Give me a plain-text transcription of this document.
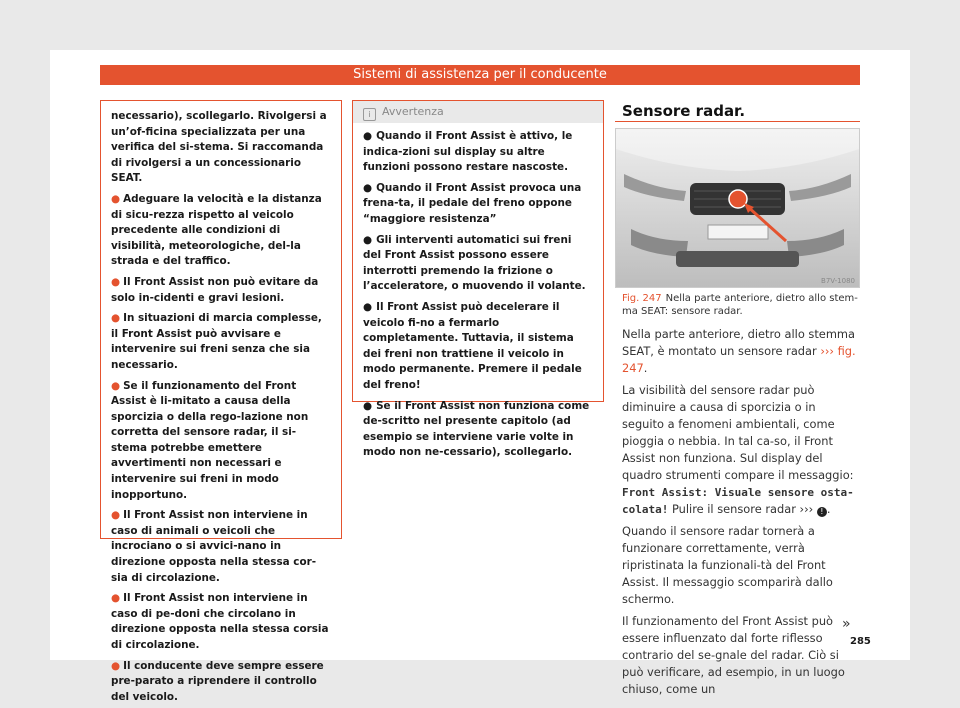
Sistemi di assistenza per il conducente

necessario), scollegarlo. Rivolgersi a un’of-ficina specializzata per una verifica del si-stema. Si raccomanda di rivolgersi a un concessionario SEAT.

● Adeguare la velocità e la distanza di sicu-rezza rispetto al veicolo precedente alle condizioni di visibilità, meteorologiche, del-la strada e del traffico.

● Il Front Assist non può evitare da solo in-cidenti e gravi lesioni.

● In situazioni di marcia complesse, il Front Assist può avvisare e intervenire sui freni senza che sia necessario.

● Se il funzionamento del Front Assist è li-mitato a causa della sporcizia o della rego-lazione non corretta del sensore radar, il si-stema potrebbe emettere avvertimenti non necessari e intervenire sui freni in modo inopportuno.

● Il Front Assist non interviene in caso di animali o veicoli che incrociano o si avvici-nano in direzione opposta nella stessa cor-sia di circolazione.

● Il Front Assist non interviene in caso di pe-doni che circolano in direzione opposta nella stessa corsia di circolazione.

● Il conducente deve sempre essere pre-parato a riprendere il controllo del veicolo.

i Avvertenza

● Quando il Front Assist è attivo, le indica-zioni sul display su altre funzioni possono restare nascoste.

● Quando il Front Assist provoca una frena-ta, il pedale del freno oppone “maggiore resistenza”

● Gli interventi automatici sui freni del Front Assist possono essere interrotti premendo la frizione o l’acceleratore, o muovendo il volante.

● Il Front Assist può decelerare il veicolo fi-no a fermarlo completamente. Tuttavia, il sistema dei freni non trattiene il veicolo in modo permanente. Premere il pedale del freno!

● Se il Front Assist non funziona come de-scritto nel presente capitolo (ad esempio se interviene varie volte in modo non ne-cessario), scollegarlo.

Sensore radar.
B7V-1080
Fig. 247 Nella parte anteriore, dietro allo stem-ma SEAT: sensore radar.

Nella parte anteriore, dietro allo stemma SEAT, è montato un sensore radar ››› fig. 247.

La visibilità del sensore radar può diminuire a causa di sporcizia o in seguito a fenomeni ambientali, come pioggia o nebbia. In tal ca-so, il Front Assist non funziona. Sul display del quadro strumenti compare il messaggio: Front Assist: Visuale sensore osta-colata! Pulire il sensore radar ››› ! .

Quando il sensore radar tornerà a funzionare correttamente, verrà ripristinata la funzionali-tà del Front Assist. Il messaggio scomparirà dallo schermo.

Il funzionamento del Front Assist può essere influenzato dal forte riflesso contrario del se-gnale del radar. Ciò si può verificare, ad esempio, in un luogo chiuso, come un

»
285
